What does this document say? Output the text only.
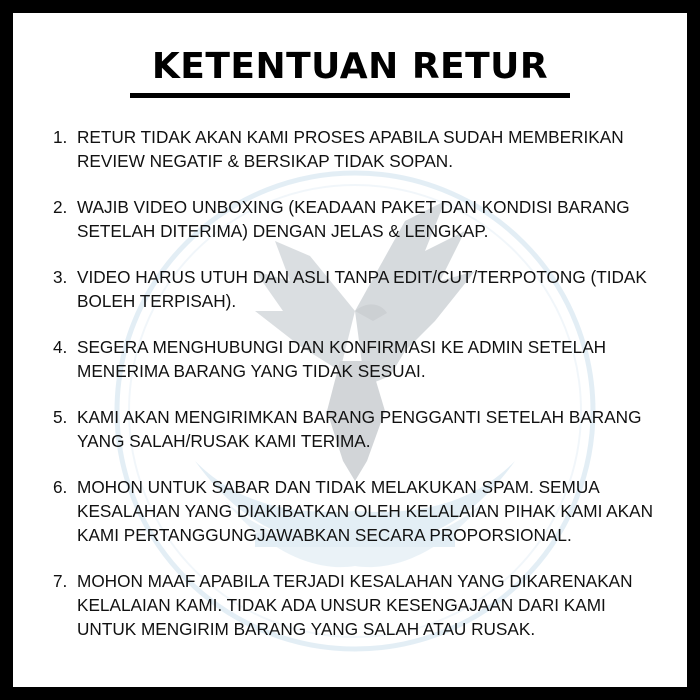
KETENTUAN RETUR
1. RETUR TIDAK AKAN KAMI PROSES APABILA SUDAH MEMBERIKAN REVIEW NEGATIF & BERSIKAP TIDAK SOPAN.
2. WAJIB VIDEO UNBOXING (KEADAAN PAKET DAN KONDISI BARANG SETELAH DITERIMA) DENGAN JELAS & LENGKAP.
3. VIDEO HARUS UTUH DAN ASLI TANPA EDIT/CUT/TERPOTONG (TIDAK BOLEH TERPISAH).
4. SEGERA MENGHUBUNGI DAN KONFIRMASI KE ADMIN SETELAH MENERIMA BARANG YANG TIDAK SESUAI.
5. KAMI AKAN MENGIRIMKAN BARANG PENGGANTI SETELAH BARANG YANG SALAH/RUSAK KAMI TERIMA.
6. MOHON UNTUK SABAR DAN TIDAK MELAKUKAN SPAM. SEMUA KESALAHAN YANG DIAKIBATKAN OLEH KELALAIAN PIHAK KAMI AKAN KAMI PERTANGGUNGJAWABKAN SECARA PROPORSIONAL.
7. MOHON MAAF APABILA TERJADI KESALAHAN YANG DIKARENAKAN KELALAIAN KAMI. TIDAK ADA UNSUR KESENGAJAAN DARI KAMI UNTUK MENGIRIM BARANG YANG SALAH ATAU RUSAK.
